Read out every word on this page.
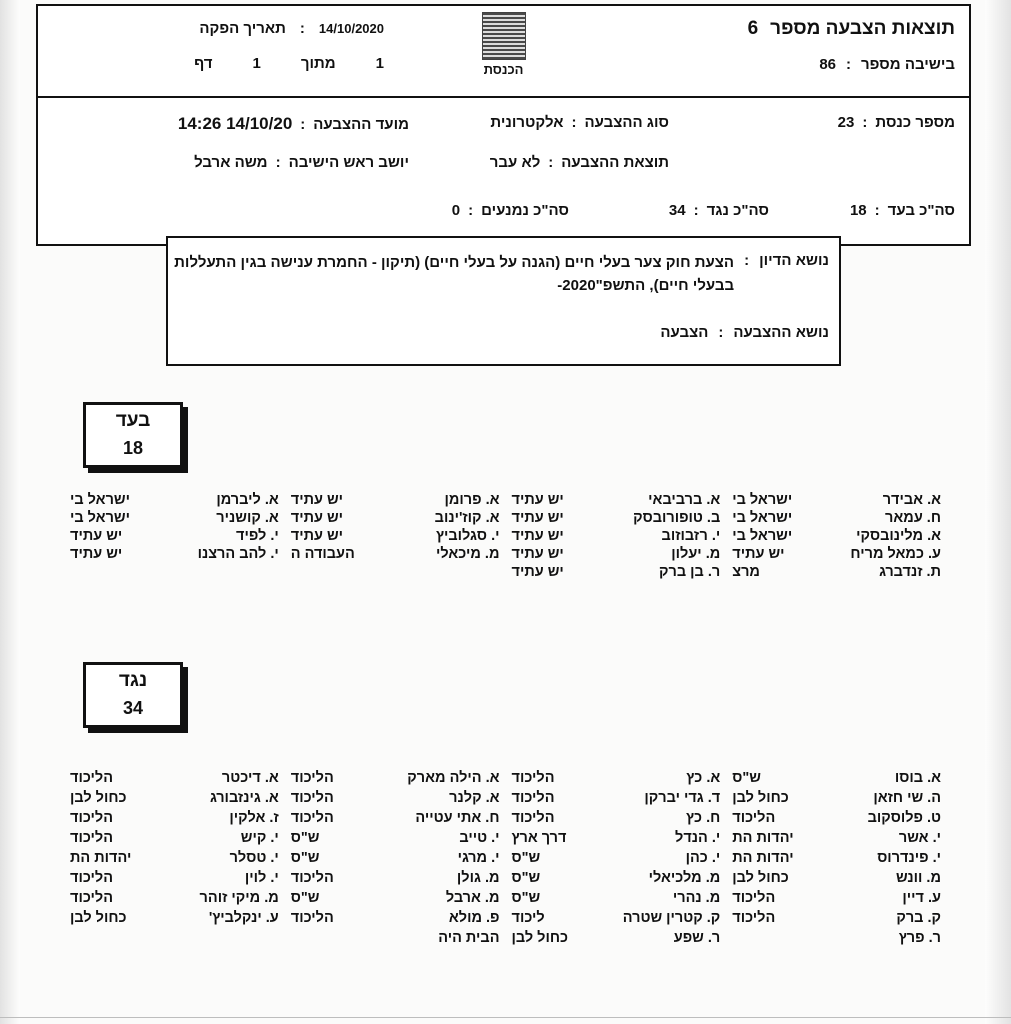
תוצאות הצבעה מספר
6
בישיבה מספר
:
86
הכנסת
14/10/2020
:
תאריך הפקה
1
מתוך
1
דף
מספר כנסת
:
23
סוג ההצבעה
:
אלקטרונית
מועד ההצבעה
:
14/10/20 14:26
תוצאת ההצבעה
:
לא עבר
יושב ראש הישיבה
:
משה ארבל
סה"כ בעד
:
18
סה"כ נגד
:
34
סה"כ נמנעים
:
0
נושא הדיון
:
הצעת חוק צער בעלי חיים (הגנה על בעלי חיים) (תיקון - החמרת ענישה בגין התעללות בבעלי חיים), התשפ"2020-
נושא ההצבעה
:
הצבעה
בעד
18
א. אבידר
ישראל בי
א. ברביבאי
יש עתיד
א. פרומן
יש עתיד
א. ליברמן
ישראל בי
ח. עמאר
ישראל בי
ב. טופורובסק
יש עתיד
א. קוז'ינוב
יש עתיד
א. קושניר
ישראל בי
א. מלינובסקי
ישראל בי
י. רזבוזוב
יש עתיד
י. סגלוביץ
יש עתיד
י. לפיד
יש עתיד
ע. כמאל מריח
יש עתיד
מ. יעלון
יש עתיד
מ. מיכאלי
העבודה ה
י. להב הרצנו
יש עתיד
ת. זנדברג
מרצ
ר. בן ברק
יש עתיד
נגד
34
א. בוסו
ש"ס
א. כץ
הליכוד
א. הילה מארק
הליכוד
א. דיכטר
הליכוד
ה. שי חזאן
כחול לבן
ד. גדי יברקן
הליכוד
א. קלנר
הליכוד
א. גינזבורג
כחול לבן
ט. פלוסקוב
הליכוד
ח. כץ
הליכוד
ח. אתי עטייה
הליכוד
ז. אלקין
הליכוד
י. אשר
יהדות הת
י. הנדל
דרך ארץ
י. טייב
ש"ס
י. קיש
הליכוד
י. פינדרוס
יהדות הת
י. כהן
ש"ס
י. מרגי
ש"ס
י. טסלר
יהדות הת
מ. וונש
כחול לבן
מ. מלכיאלי
ש"ס
מ. גולן
הליכוד
י. לוין
הליכוד
ע. דיין
הליכוד
מ. נהרי
ש"ס
מ. ארבל
ש"ס
מ. מיקי זוהר
הליכוד
ק. ברק
הליכוד
ק. קטרין שטרה
ליכוד
פ. מולא
הליכוד
ע. ינקלביץ'
כחול לבן
ר. פרץ
ר. שפע
כחול לבן
הבית היה
